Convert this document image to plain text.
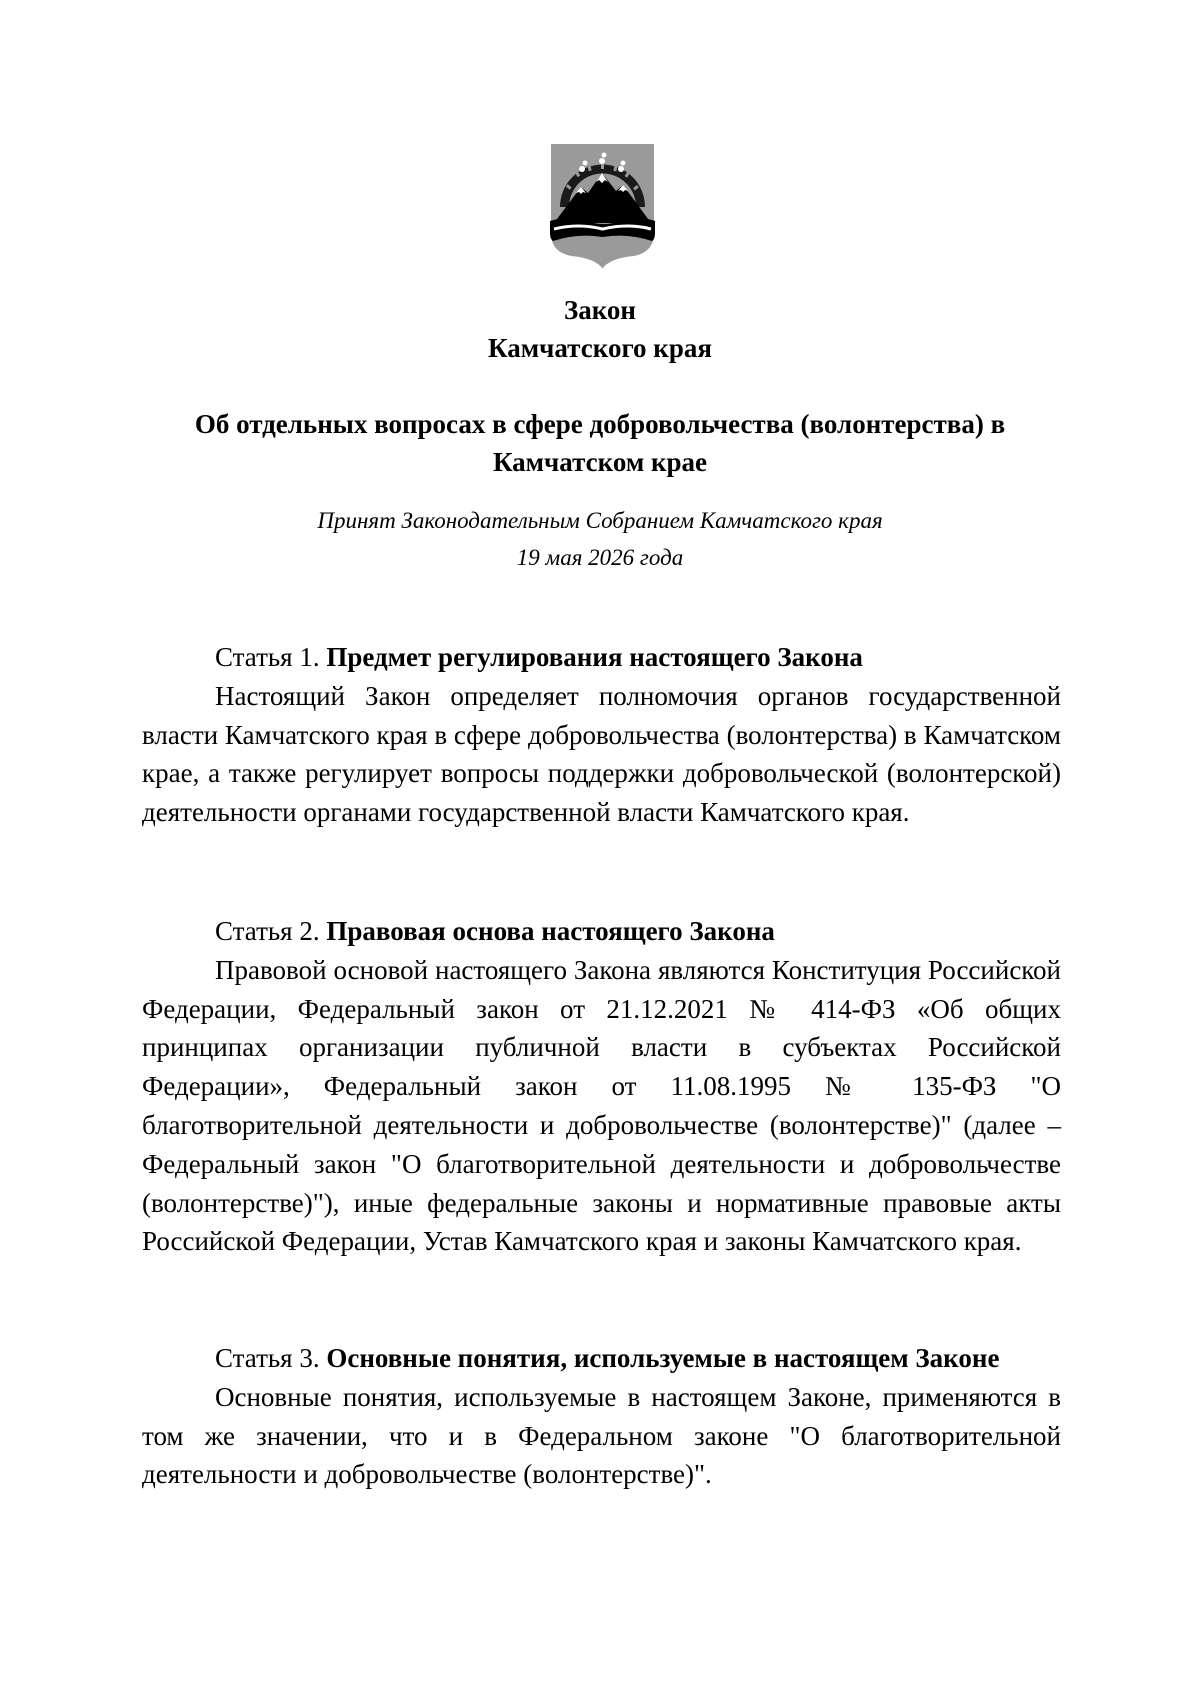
Закон
Камчатского края
Об отдельных вопросах в сфере добровольчества (волонтерства) в
Камчатском крае
Принят Законодательным Собранием Камчатского края
19 мая 2026 года
Статья 1. Предмет регулирования настоящего Закона

Настоящий Закон определяет полномочия органов государственной власти Камчатского края в сфере добровольчества (волонтерства) в Камчатском крае, а также регулирует вопросы поддержки добровольческой (волонтерской) деятельности органами государственной власти Камчатского края.

Статья 2. Правовая основа настоящего Закона

Правовой основой настоящего Закона являются Конституция Российской Федерации, Федеральный закон от 21.12.2021 № 414-ФЗ «Об общих принципах организации публичной власти в субъектах Российской Федерации», Федеральный закон от 11.08.1995 № 135-ФЗ "О благотворительной деятельности и добровольчестве (волонтерстве)" (далее – Федеральный закон "О благотворительной деятельности и добровольчестве (волонтерстве)"), иные федеральные законы и нормативные правовые акты Российской Федерации, Устав Камчатского края и законы Камчатского края.

Статья 3. Основные понятия, используемые в настоящем Законе

Основные понятия, используемые в настоящем Законе, применяются в том же значении, что и в Федеральном законе "О благотворительной деятельности и добровольчестве (волонтерстве)".
